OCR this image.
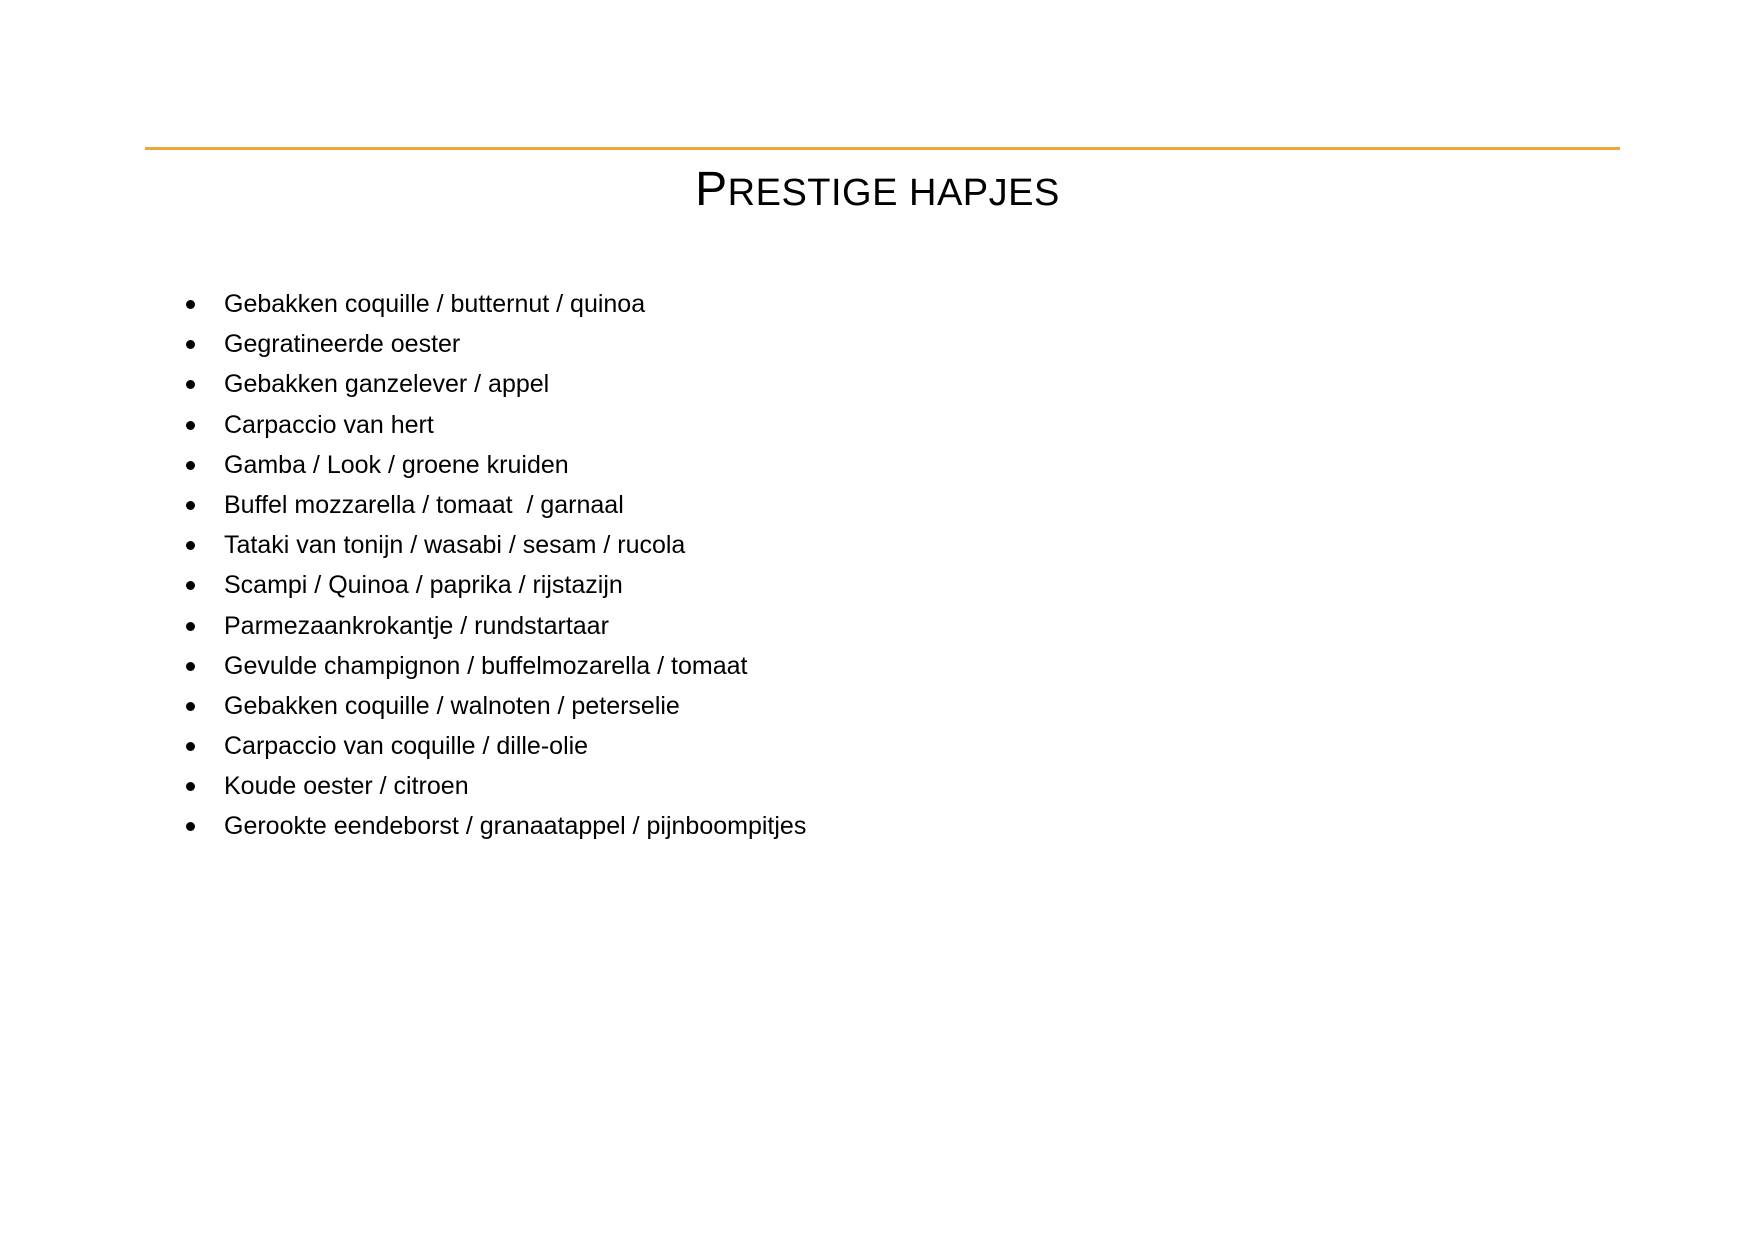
PRESTIGE HAPJES
Gebakken coquille / butternut / quinoa
Gegratineerde oester
Gebakken ganzelever / appel
Carpaccio van hert
Gamba / Look / groene kruiden
Buffel mozzarella / tomaat  / garnaal
Tataki van tonijn / wasabi / sesam / rucola
Scampi / Quinoa / paprika / rijstazijn
Parmezaankrokantje / rundstartaar
Gevulde champignon / buffelmozarella / tomaat
Gebakken coquille / walnoten / peterselie
Carpaccio van coquille / dille-olie
Koude oester / citroen
Gerookte eendeborst / granaatappel / pijnboompitjes
